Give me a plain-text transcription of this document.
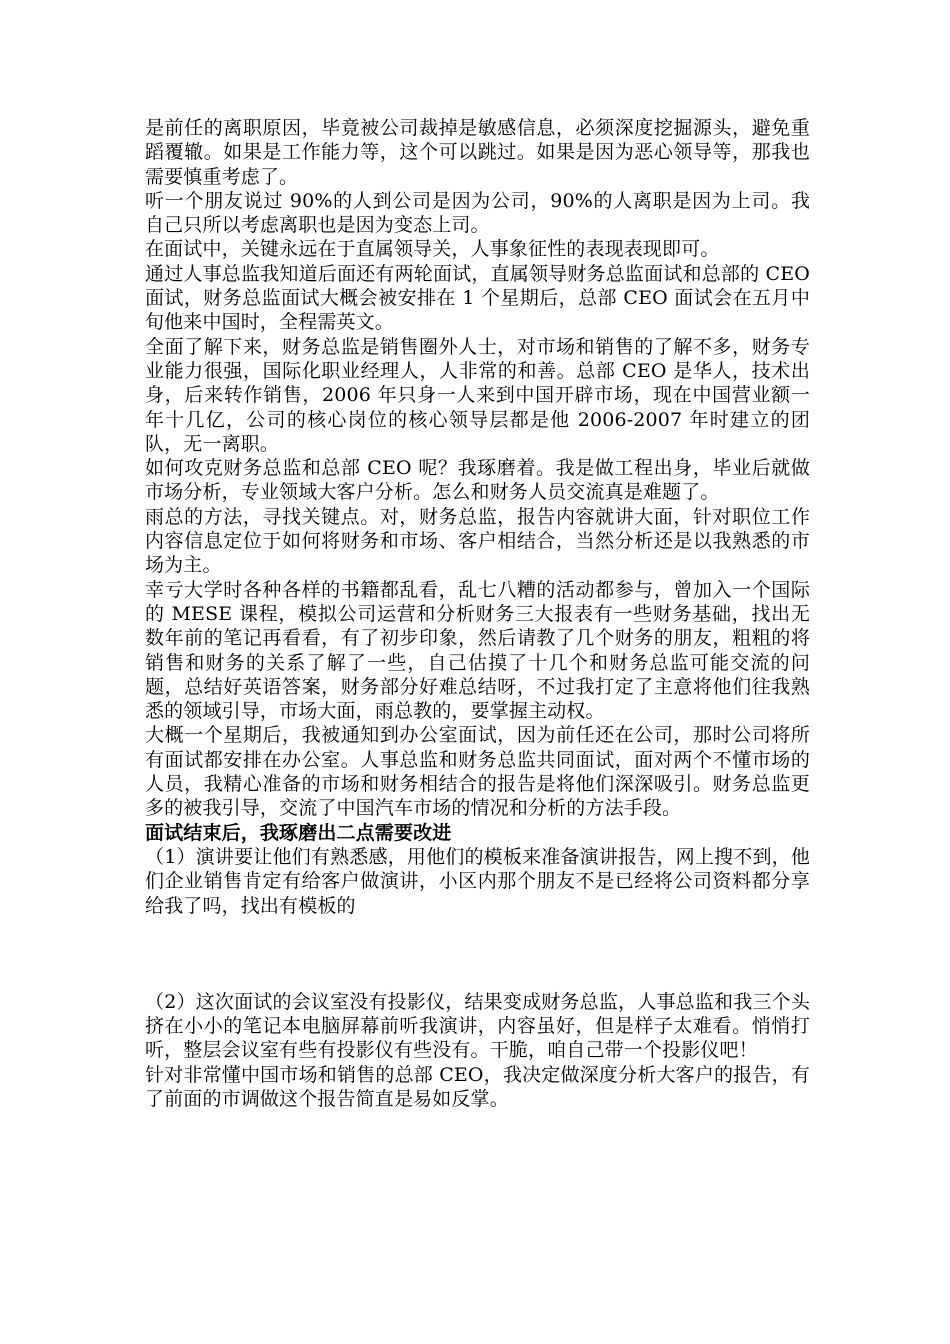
是前任的离职原因，毕竟被公司裁掉是敏感信息，必须深度挖掘源头，避免重蹈覆辙。如果是工作能力等，这个可以跳过。如果是因为恶心领导等，那我也需要慎重考虑了。

听一个朋友说过 90%的人到公司是因为公司，90%的人离职是因为上司。我自己只所以考虑离职也是因为变态上司。

在面试中，关键永远在于直属领导关，人事象征性的表现表现即可。

通过人事总监我知道后面还有两轮面试，直属领导财务总监面试和总部的 CEO 面试，财务总监面试大概会被安排在 1 个星期后，总部 CEO 面试会在五月中旬他来中国时，全程需英文。

全面了解下来，财务总监是销售圈外人士，对市场和销售的了解不多，财务专业能力很强，国际化职业经理人，人非常的和善。总部 CEO 是华人，技术出身，后来转作销售，2006 年只身一人来到中国开辟市场，现在中国营业额一年十几亿，公司的核心岗位的核心领导层都是他 2006-2007 年时建立的团队，无一离职。

如何攻克财务总监和总部 CEO 呢？我琢磨着。我是做工程出身，毕业后就做市场分析，专业领域大客户分析。怎么和财务人员交流真是难题了。

雨总的方法，寻找关键点。对，财务总监，报告内容就讲大面，针对职位工作内容信息定位于如何将财务和市场、客户相结合，当然分析还是以我熟悉的市场为主。

幸亏大学时各种各样的书籍都乱看，乱七八糟的活动都参与，曾加入一个国际的 MESE 课程，模拟公司运营和分析财务三大报表有一些财务基础，找出无数年前的笔记再看看，有了初步印象，然后请教了几个财务的朋友，粗粗的将销售和财务的关系了解了一些，自己估摸了十几个和财务总监可能交流的问题，总结好英语答案，财务部分好难总结呀，不过我打定了主意将他们往我熟悉的领域引导，市场大面，雨总教的，要掌握主动权。

大概一个星期后，我被通知到办公室面试，因为前任还在公司，那时公司将所有面试都安排在办公室。人事总监和财务总监共同面试，面对两个不懂市场的人员，我精心准备的市场和财务相结合的报告是将他们深深吸引。财务总监更多的被我引导，交流了中国汽车市场的情况和分析的方法手段。

面试结束后，我琢磨出二点需要改进

（1）演讲要让他们有熟悉感，用他们的模板来准备演讲报告，网上搜不到，他们企业销售肯定有给客户做演讲，小区内那个朋友不是已经将公司资料都分享给我了吗，找出有模板的

（2）这次面试的会议室没有投影仪，结果变成财务总监，人事总监和我三个头挤在小小的笔记本电脑屏幕前听我演讲，内容虽好，但是样子太难看。悄悄打听，整层会议室有些有投影仪有些没有。干脆，咱自己带一个投影仪吧！

针对非常懂中国市场和销售的总部 CEO，我决定做深度分析大客户的报告，有了前面的市调做这个报告简直是易如反掌。
